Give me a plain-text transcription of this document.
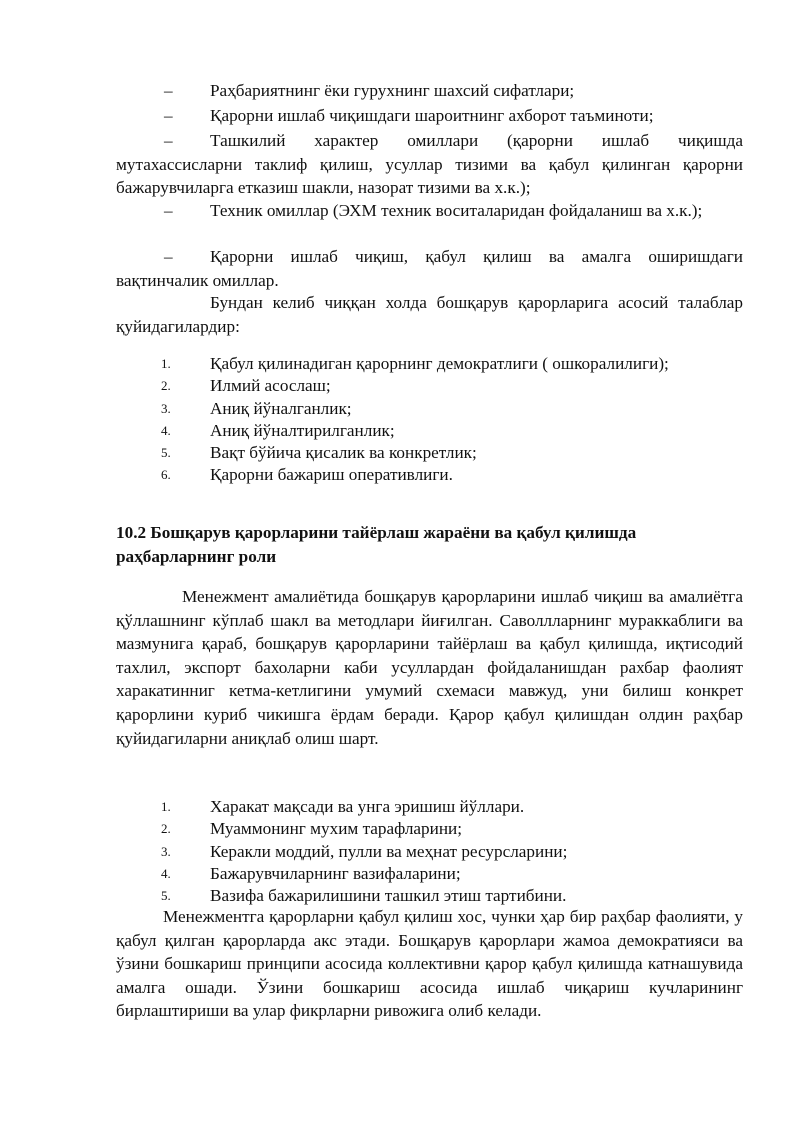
–	Раҳбариятнинг ёки гурухнинг шахсий сифатлари;
–	Қарорни ишлаб чиқишдаги шароитнинг ахборот таъминоти;
–	Ташкилий характер омиллари (қарорни ишлаб чиқишда мутахассисларни таклиф қилиш, усуллар тизими ва қабул қилинган қарорни бажарувчиларга етказиш шакли, назорат тизими ва х.к.);
–	Техник омиллар (ЭХМ техник воситаларидан фойдаланиш ва х.к.);
–	Қарорни ишлаб чиқиш, қабул қилиш ва амалга оширишдаги вақтинчалик омиллар.
Бундан келиб чиққан холда бошқарув қарорларига асосий талаблар қуйидагилардир:
1. Қабул қилинадиган қарорнинг демократлиги ( ошкоралилиги);
2. Илмий асослаш;
3. Аниқ йўналганлик;
4. Аниқ йўналтирилганлик;
5. Вақт бўйича қисалик ва конкретлик;
6. Қарорни бажариш оперативлиги.
10.2 Бошқарув қарорларини тайёрлаш жараёни ва қабул қилишда раҳбарларнинг роли
Менежмент амалиётида бошқарув қарорларини ишлаб чиқиш ва амалиётга қўллашнинг кўплаб шакл ва методлари йиғилган. Саволлларнинг мураккаблиги ва мазмунига қараб, бошқарув қарорларини тайёрлаш ва қабул қилишда, иқтисодий тахлил, экспорт бахоларни каби усуллардан фойдаланишдан рахбар фаолият харакатинниг кетма-кетлигини умумий схемаси мавжуд, уни билиш конкрет қарорлини куриб чикишга ёрдам беради. Қарор қабул қилишдан олдин раҳбар қуйидагиларни аниқлаб олиш шарт.
1. Харакат мақсади ва унга эришиш йўллари.
2. Муаммонинг мухим тарафларини;
3. Керакли моддий, пулли ва меҳнат ресурсларини;
4. Бажарувчиларнинг вазифаларини;
5. Вазифа бажарилишини ташкил этиш тартибини.
Менежментга қарорларни қабул қилиш хос, чунки ҳар бир раҳбар фаолияти, у қабул қилган қарорларда акс этади. Бошқарув қарорлари жамоа демократияси ва ўзини бошкариш принципи асосида коллективни қарор қабул қилишда катнашувида амалга ошади. Ўзини бошкариш асосида ишлаб чиқариш кучларининг бирлаштириши ва улар фикрларни ривожига олиб келади.
